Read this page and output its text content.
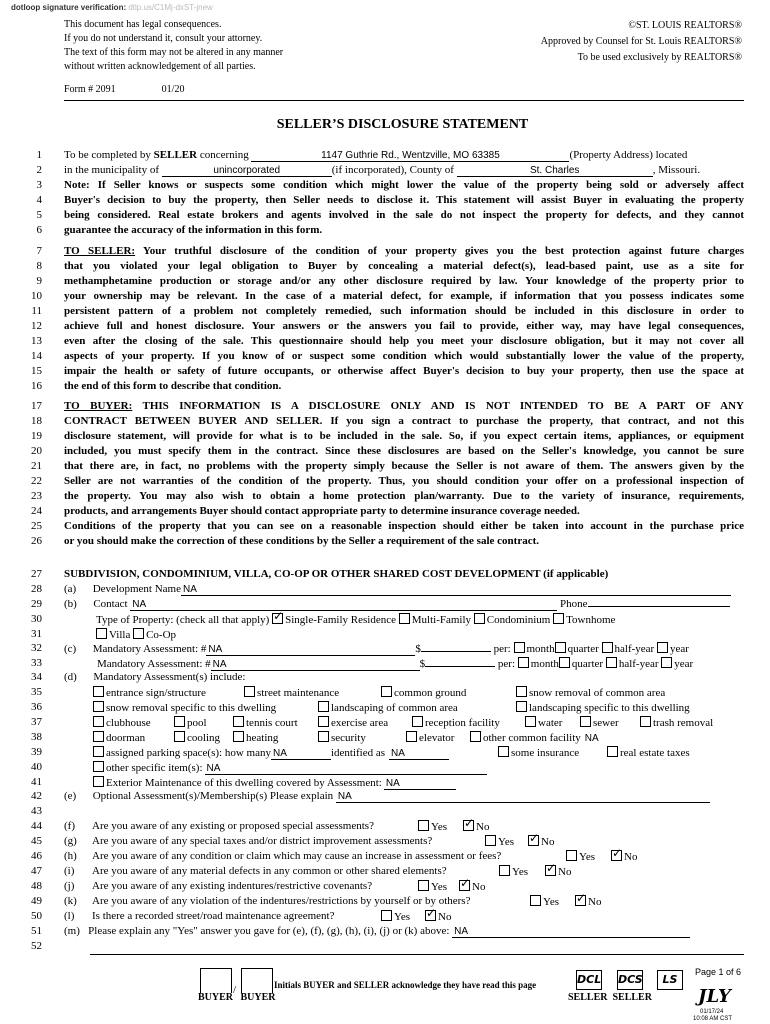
dotloop signature verification: dtlp.us/C1Mj-dxST-jnew
This document has legal consequences.
If you do not understand it, consult your attorney.
The text of this form may not be altered in any manner
without written acknowledgement of all parties.
©ST. LOUIS REALTORS®
Approved by Counsel for St. Louis REALTORS®
To be used exclusively by REALTORS®
Form # 2091	01/20
SELLER’S DISCLOSURE STATEMENT
1
2
3
4
5
6
7
8
9
10
11
12
13
14
15
16
17
18
19
20
21
22
23
24
25
26
27
28
29
30
31
32
33
34
35
36
37
38
39
40
41
42
43
44
45
46
47
48
49
50
51
52
To be completed by SELLER concerning	1147 Guthrie Rd., Wentzville, MO 63385	(Property Address) located
in the municipality of	unincorporated	(if incorporated), County of	St. Charles	, Missouri.
Note: If Seller knows or suspects some condition which might lower the value of the property being sold or adversely affect
Buyer's decision to buy the property, then Seller needs to disclose it. This statement will assist Buyer in evaluating the property
being considered. Real estate brokers and agents involved in the sale do not inspect the property for defects, and they cannot
guarantee the accuracy of the information in this form.
that you violated your legal obligation to Buyer by concealing a material defect(s), lead-based paint, use as a site for
methamphetamine production or storage and/or any other disclosure required by law. Your knowledge of the property prior to
your ownership may be relevant. In the case of a material defect, for example, if information that you possess indicates some
persistent pattern of a problem not completely remedied, such information should be included in this disclosure in order to
achieve full and honest disclosure. Your answers or the answers you fail to provide, either way, may have legal consequences,
even after the closing of the sale. This questionnaire should help you meet your disclosure obligation, but it may not cover all
aspects of your property. If you know of or suspect some condition which would substantially lower the value of the property,
impair the health or safety of future occupants, or otherwise affect Buyer's decision to buy your property, then use the space at
the end of this form to describe that condition.
CONTRACT BETWEEN BUYER AND SELLER. If you sign a contract to purchase the property, that contract, and not this
disclosure statement, will provide for what is to be included in the sale. So, if you expect certain items, appliances, or equipment
included, you must specify them in the contract. Since these disclosures are based on the Seller's knowledge, you cannot be sure
that there are, in fact, no problems with the property simply because the Seller is not aware of them. The answers given by the
Seller are not warranties of the condition of the property. Thus, you should condition your offer on a professional inspection of
the property. You may also wish to obtain a home protection plan/warranty. Due to the variety of insurance, requirements,
products, and arrangements Buyer should contact appropriate party to determine insurance coverage needed.
Conditions of the property that you can see on a reasonable inspection should either be taken into account in the purchase price
or you should make the correction of these conditions by the Seller a requirement of the sale contract.
TO SELLER: Your truthful disclosure of the condition of your property gives you the best protection against future charges
TO BUYER: THIS INFORMATION IS A DISCLOSURE ONLY AND IS NOT INTENDED TO BE A PART OF ANY
SUBDIVISION, CONDOMINIUM, VILLA, CO-OP OR OTHER SHARED COST DEVELOPMENT (if applicable)
(a)      Development Name NA
(b)      Contact NA	Phone
Type of Property: (check all that apply) ✓ Single-Family Residence Multi-Family Condominium Townhome
Villa Co-Op
(c)      Mandatory Assessment: # NA	$	per: month quarter half-year year
Mandatory Assessment: # NA	$	per: month quarter half-year year
(d)      Mandatory Assessment(s) include:
entrance sign/structure	street maintenance	common ground	snow removal of common area
snow removal specific to this dwelling	landscaping of common area	landscaping specific to this dwelling
clubhouse	pool	tennis court	exercise area	reception facility	water	sewer	trash removal
doorman	cooling	heating	security	elevator	other common facility NA
assigned parking space(s): how many NA	identified as NA	some insurance	real estate taxes
other specific item(s): NA
Exterior Maintenance of this dwelling covered by Assessment: NA
(e)      Optional Assessment(s)/Membership(s) Please explain NA
(f) Are you aware of any existing or proposed special assessments?	Yes ✓	No
(g) Are you aware of any special taxes and/or district improvement assessments?	Yes ✓	No
(h) Are you aware of any condition or claim which may cause an increase in assessment or fees?	Yes ✓	No
(i) Are you aware of any material defects in any common or other shared elements?	Yes ✓	No
(j) Are you aware of any existing indentures/restrictive covenants?	Yes ✓	No
(k) Are you aware of any violation of the indentures/restrictions by yourself or by others?	Yes ✓	No
(l) Is there a recorded street/road maintenance agreement?	Yes ✓	No
(m)   Please explain any "Yes" answer you gave for (e), (f), (g), (h), (i), (j) or (k) above: NA
/	Initials BUYER and SELLER acknowledge they have read this page
BUYER BUYER
DCL DCS	LS
SELLER SELLER
Page 1 of 6
JLY
01/17/24
10:08 AM CST
